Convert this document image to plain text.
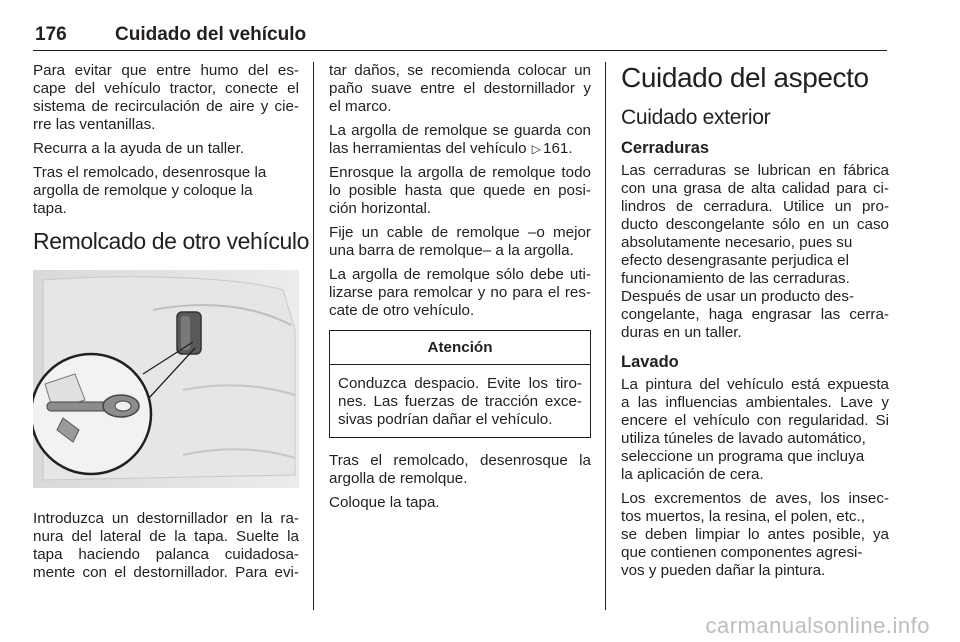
176	Cuidado del vehículo

Para evitar que entre humo del es-
cape del vehículo tractor, conecte el
sistema de recirculación de aire y cie-
rre las ventanillas.

Recurra a la ayuda de un taller.

Tras el remolcado, desenrosque la
argolla de remolque y coloque la
tapa.

Remolcado de otro vehículo

Introduzca un destornillador en la ra-
nura del lateral de la tapa. Suelte la
tapa haciendo palanca cuidadosa-
mente con el destornillador. Para evi-

tar daños, se recomienda colocar un
paño suave entre el destornillador y
el marco.

La argolla de remolque se guarda con
las herramientas del vehículo ▷ 161.

Enrosque la argolla de remolque todo
lo posible hasta que quede en posi-
ción horizontal.

Fije un cable de remolque –o mejor
una barra de remolque– a la argolla.

La argolla de remolque sólo debe uti-
lizarse para remolcar y no para el res-
cate de otro vehículo.

Atención
Conduzca despacio. Evite los tiro-
nes. Las fuerzas de tracción exce-
sivas podrían dañar el vehículo.

Tras el remolcado, desenrosque la
argolla de remolque.

Coloque la tapa.

Cuidado del aspecto
Cuidado exterior
Cerraduras

Las cerraduras se lubrican en fábrica
con una grasa de alta calidad para ci-
lindros de cerradura. Utilice un pro-
ducto descongelante sólo en un caso
absolutamente necesario, pues su
efecto desengrasante perjudica el
funcionamiento de las cerraduras.
Después de usar un producto des-
congelante, haga engrasar las cerra-
duras en un taller.

Lavado

La pintura del vehículo está expuesta
a las influencias ambientales. Lave y
encere el vehículo con regularidad. Si
utiliza túneles de lavado automático,
seleccione un programa que incluya
la aplicación de cera.

Los excrementos de aves, los insec-
tos muertos, la resina, el polen, etc.,
se deben limpiar lo antes posible, ya
que contienen componentes agresi-
vos y pueden dañar la pintura.

carmanualsonline.info
